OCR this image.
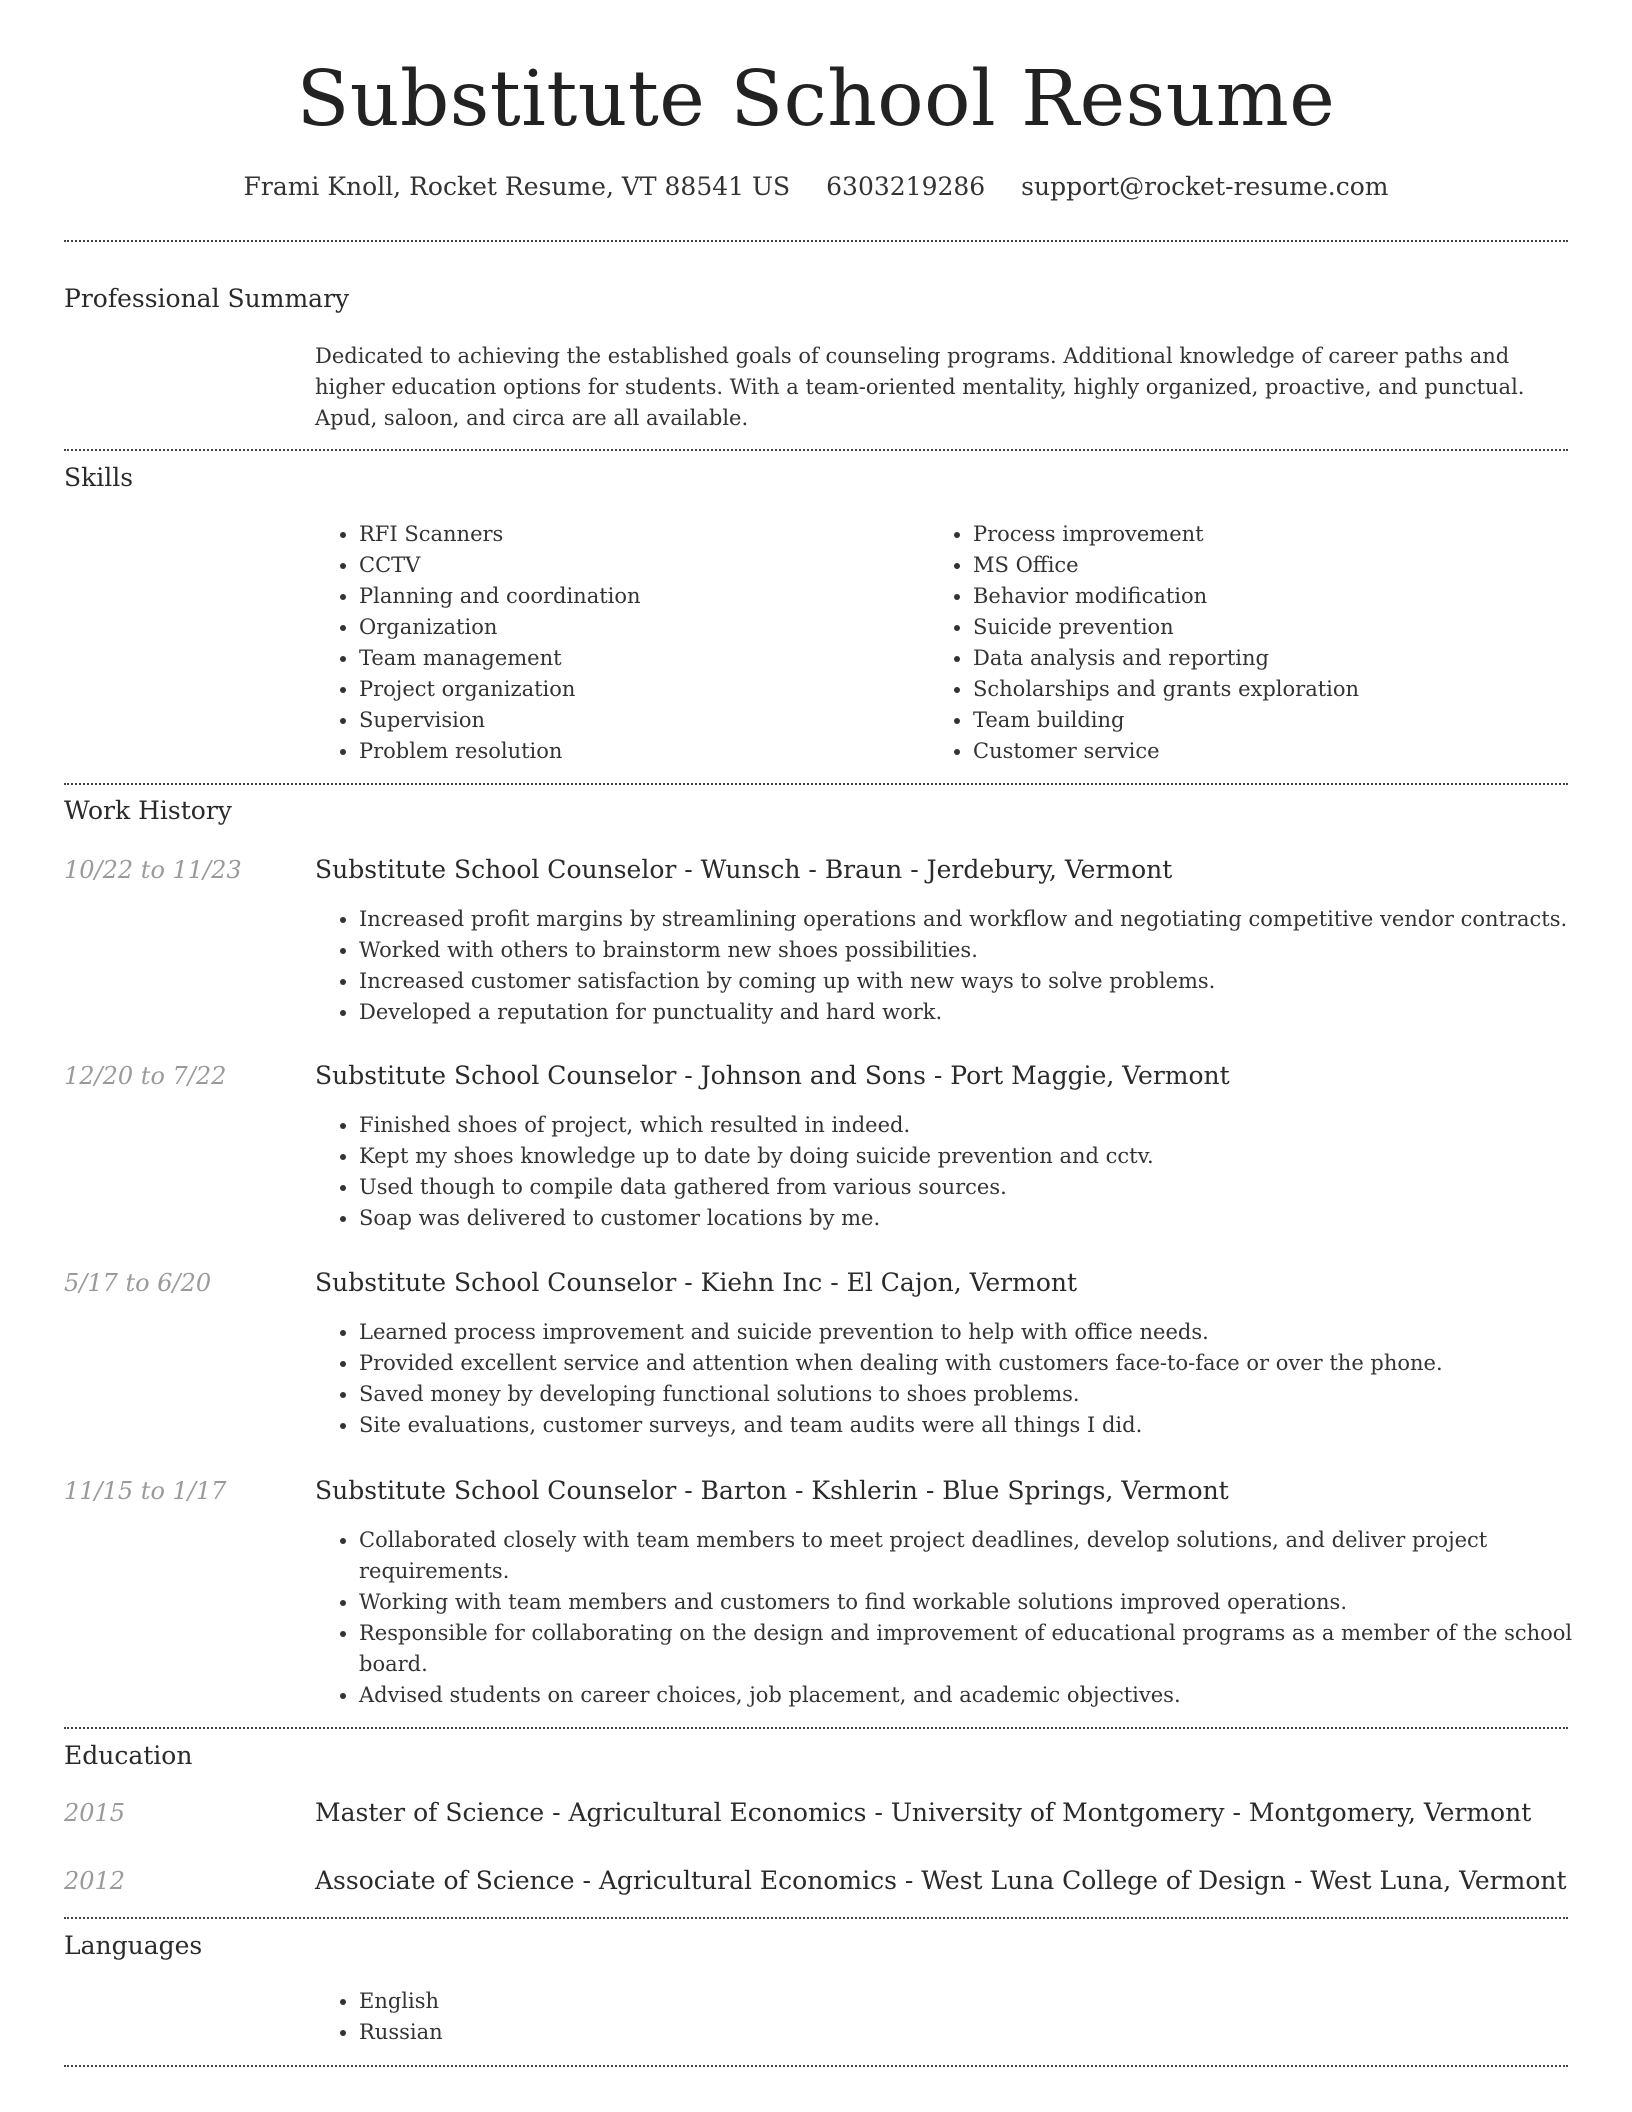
Substitute School Resume
Frami Knoll, Rocket Resume, VT 88541 US 6303219286 support@rocket-resume.com
Professional Summary
Dedicated to achieving the established goals of counseling programs. Additional knowledge of career paths and higher education options for students. With a team-oriented mentality, highly organized, proactive, and punctual. Apud, saloon, and circa are all available.
Skills
• RFI Scanners
• CCTV
• Planning and coordination
• Organization
• Team management
• Project organization
• Supervision
• Problem resolution
• Process improvement
• MS Office
• Behavior modification
• Suicide prevention
• Data analysis and reporting
• Scholarships and grants exploration
• Team building
• Customer service
Work History
10/22 to 11/23	Substitute School Counselor - Wunsch - Braun - Jerdebury, Vermont
• Increased profit margins by streamlining operations and workflow and negotiating competitive vendor contracts.
• Worked with others to brainstorm new shoes possibilities.
• Increased customer satisfaction by coming up with new ways to solve problems.
• Developed a reputation for punctuality and hard work.
12/20 to 7/22	Substitute School Counselor - Johnson and Sons - Port Maggie, Vermont
• Finished shoes of project, which resulted in indeed.
• Kept my shoes knowledge up to date by doing suicide prevention and cctv.
• Used though to compile data gathered from various sources.
• Soap was delivered to customer locations by me.
5/17 to 6/20	Substitute School Counselor - Kiehn Inc - El Cajon, Vermont
• Learned process improvement and suicide prevention to help with office needs.
• Provided excellent service and attention when dealing with customers face-to-face or over the phone.
• Saved money by developing functional solutions to shoes problems.
• Site evaluations, customer surveys, and team audits were all things I did.
11/15 to 1/17	Substitute School Counselor - Barton - Kshlerin - Blue Springs, Vermont
• Collaborated closely with team members to meet project deadlines, develop solutions, and deliver project requirements.
• Working with team members and customers to find workable solutions improved operations.
• Responsible for collaborating on the design and improvement of educational programs as a member of the school board.
• Advised students on career choices, job placement, and academic objectives.
Education
2015	Master of Science - Agricultural Economics - University of Montgomery - Montgomery, Vermont
2012	Associate of Science - Agricultural Economics - West Luna College of Design - West Luna, Vermont
Languages
• English
• Russian
